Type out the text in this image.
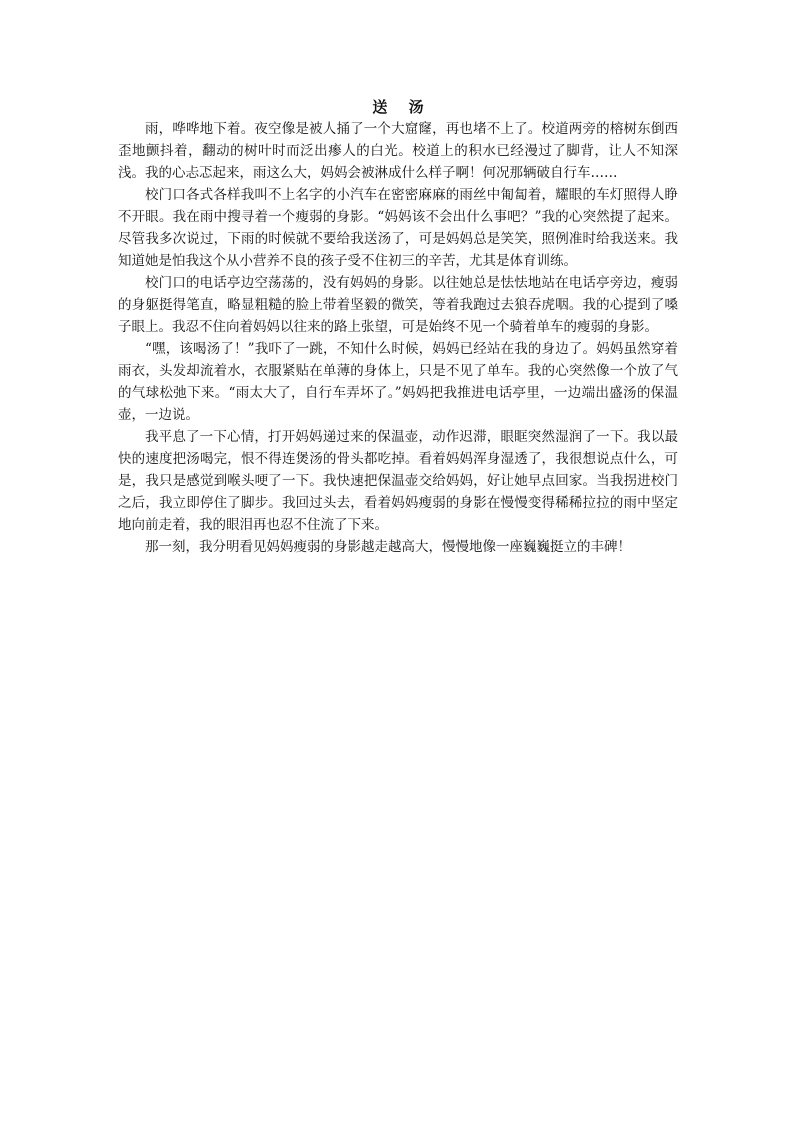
送 汤

雨，哗哗地下着。夜空像是被人捅了一个大窟窿，再也堵不上了。校道两旁的榕树东倒西歪地颤抖着，翻动的树叶时而泛出瘆人的白光。校道上的积水已经漫过了脚背，让人不知深浅。我的心忐忑起来，雨这么大，妈妈会被淋成什么样子啊！何况那辆破自行车……

校门口各式各样我叫不上名字的小汽车在密密麻麻的雨丝中匍匐着，耀眼的车灯照得人睁不开眼。我在雨中搜寻着一个瘦弱的身影。“妈妈该不会出什么事吧？”我的心突然提了起来。尽管我多次说过，下雨的时候就不要给我送汤了，可是妈妈总是笑笑，照例准时给我送来。我知道她是怕我这个从小营养不良的孩子受不住初三的辛苦，尤其是体育训练。

校门口的电话亭边空荡荡的，没有妈妈的身影。以往她总是怯怯地站在电话亭旁边，瘦弱的身躯挺得笔直，略显粗糙的脸上带着坚毅的微笑，等着我跑过去狼吞虎咽。我的心提到了嗓子眼上。我忍不住向着妈妈以往来的路上张望，可是始终不见一个骑着单车的瘦弱的身影。

“嘿，该喝汤了！”我吓了一跳，不知什么时候，妈妈已经站在我的身边了。妈妈虽然穿着雨衣，头发却流着水，衣服紧贴在单薄的身体上，只是不见了单车。我的心突然像一个放了气的气球松弛下来。“雨太大了，自行车弄坏了。”妈妈把我推进电话亭里，一边端出盛汤的保温壶，一边说。

我平息了一下心情，打开妈妈递过来的保温壶，动作迟滞，眼眶突然湿润了一下。我以最快的速度把汤喝完，恨不得连煲汤的骨头都吃掉。看着妈妈浑身湿透了，我很想说点什么，可是，我只是感觉到喉头哽了一下。我快速把保温壶交给妈妈，好让她早点回家。当我拐进校门之后，我立即停住了脚步。我回过头去，看着妈妈瘦弱的身影在慢慢变得稀稀拉拉的雨中坚定地向前走着，我的眼泪再也忍不住流了下来。

那一刻，我分明看见妈妈瘦弱的身影越走越高大，慢慢地像一座巍巍挺立的丰碑！
